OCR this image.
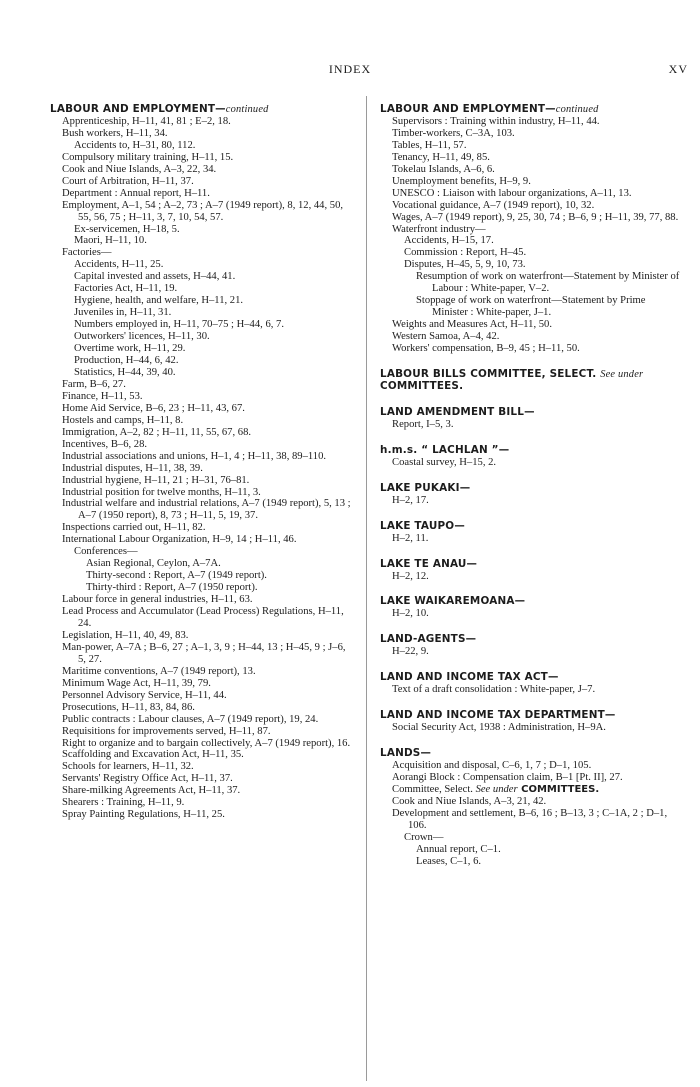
INDEX	XV
LABOUR AND EMPLOYMENT—continued
Apprenticeship, H–11, 41, 81 ; E–2, 18.
Bush workers, H–11, 34.
Accidents to, H–31, 80, 112.
Compulsory military training, H–11, 15.
Cook and Niue Islands, A–3, 22, 34.
Court of Arbitration, H–11, 37.
Department : Annual report, H–11.
Employment, A–1, 54 ; A–2, 73 ; A–7 (1949 report), 8, 12, 44, 50, 55, 56, 75 ; H–11, 3, 7, 10, 54, 57.
Ex-servicemen, H–18, 5.
Maori, H–11, 10.
Factories—
Accidents, H–11, 25.
Capital invested and assets, H–44, 41.
Factories Act, H–11, 19.
Hygiene, health, and welfare, H–11, 21.
Juveniles in, H–11, 31.
Numbers employed in, H–11, 70–75 ; H–44, 6, 7.
Outworkers' licences, H–11, 30.
Overtime work, H–11, 29.
Production, H–44, 6, 42.
Statistics, H–44, 39, 40.
Farm, B–6, 27.
Finance, H–11, 53.
Home Aid Service, B–6, 23 ; H–11, 43, 67.
Hostels and camps, H–11, 8.
Immigration, A–2, 82 ; H–11, 11, 55, 67, 68.
Incentives, B–6, 28.
Industrial associations and unions, H–1, 4 ; H–11, 38, 89–110.
Industrial disputes, H–11, 38, 39.
Industrial hygiene, H–11, 21 ; H–31, 76–81.
Industrial position for twelve months, H–11, 3.
Industrial welfare and industrial relations, A–7 (1949 report), 5, 13 ; A–7 (1950 report), 8, 73 ; H–11, 5, 19, 37.
Inspections carried out, H–11, 82.
International Labour Organization, H–9, 14 ; H–11, 46.
Conferences—
Asian Regional, Ceylon, A–7A.
Thirty-second : Report, A–7 (1949 report).
Thirty-third : Report, A–7 (1950 report).
Labour force in general industries, H–11, 63.
Lead Process and Accumulator (Lead Process) Regulations, H–11, 24.
Legislation, H–11, 40, 49, 83.
Man-power, A–7A ; B–6, 27 ; A–1, 3, 9 ; H–44, 13 ; H–45, 9 ; J–6, 5, 27.
Maritime conventions, A–7 (1949 report), 13.
Minimum Wage Act, H–11, 39, 79.
Personnel Advisory Service, H–11, 44.
Prosecutions, H–11, 83, 84, 86.
Public contracts : Labour clauses, A–7 (1949 report), 19, 24.
Requisitions for improvements served, H–11, 87.
Right to organize and to bargain collectively, A–7 (1949 report), 16.
Scaffolding and Excavation Act, H–11, 35.
Schools for learners, H–11, 32.
Servants' Registry Office Act, H–11, 37.
Share-milking Agreements Act, H–11, 37.
Shearers : Training, H–11, 9.
Spray Painting Regulations, H–11, 25.
LABOUR AND EMPLOYMENT—continued
Supervisors : Training within industry, H–11, 44.
Timber-workers, C–3A, 103.
Tables, H–11, 57.
Tenancy, H–11, 49, 85.
Tokelau Islands, A–6, 6.
Unemployment benefits, H–9, 9.
UNESCO : Liaison with labour organizations, A–11, 13.
Vocational guidance, A–7 (1949 report), 10, 32.
Wages, A–7 (1949 report), 9, 25, 30, 74 ; B–6, 9 ; H–11, 39, 77, 88.
Waterfront industry—
Accidents, H–15, 17.
Commission : Report, H–45.
Disputes, H–45, 5, 9, 10, 73.
Resumption of work on waterfront—Statement by Minister of Labour : White-paper, V–2.
Stoppage of work on waterfront—Statement by Prime Minister : White-paper, J–1.
Weights and Measures Act, H–11, 50.
Western Samoa, A–4, 42.
Workers' compensation, B–9, 45 ; H–11, 50.
LABOUR BILLS COMMITTEE, SELECT. See under COMMITTEES.
LAND AMENDMENT BILL—
Report, I–5, 3.
h.m.s. “ LACHLAN ”—
Coastal survey, H–15, 2.
LAKE PUKAKI—
H–2, 17.
LAKE TAUPO—
H–2, 11.
LAKE TE ANAU—
H–2, 12.
LAKE WAIKAREMOANA—
H–2, 10.
LAND-AGENTS—
H–22, 9.
LAND AND INCOME TAX ACT—
Text of a draft consolidation : White-paper, J–7.
LAND AND INCOME TAX DEPARTMENT—
Social Security Act, 1938 : Administration, H–9A.
LANDS—
Acquisition and disposal, C–6, 1, 7 ; D–1, 105.
Aorangi Block : Compensation claim, B–1 [Pt. II], 27.
Committee, Select. See under COMMITTEES.
Cook and Niue Islands, A–3, 21, 42.
Development and settlement, B–6, 16 ; B–13, 3 ; C–1A, 2 ; D–1, 106.
Crown—
Annual report, C–1.
Leases, C–1, 6.
